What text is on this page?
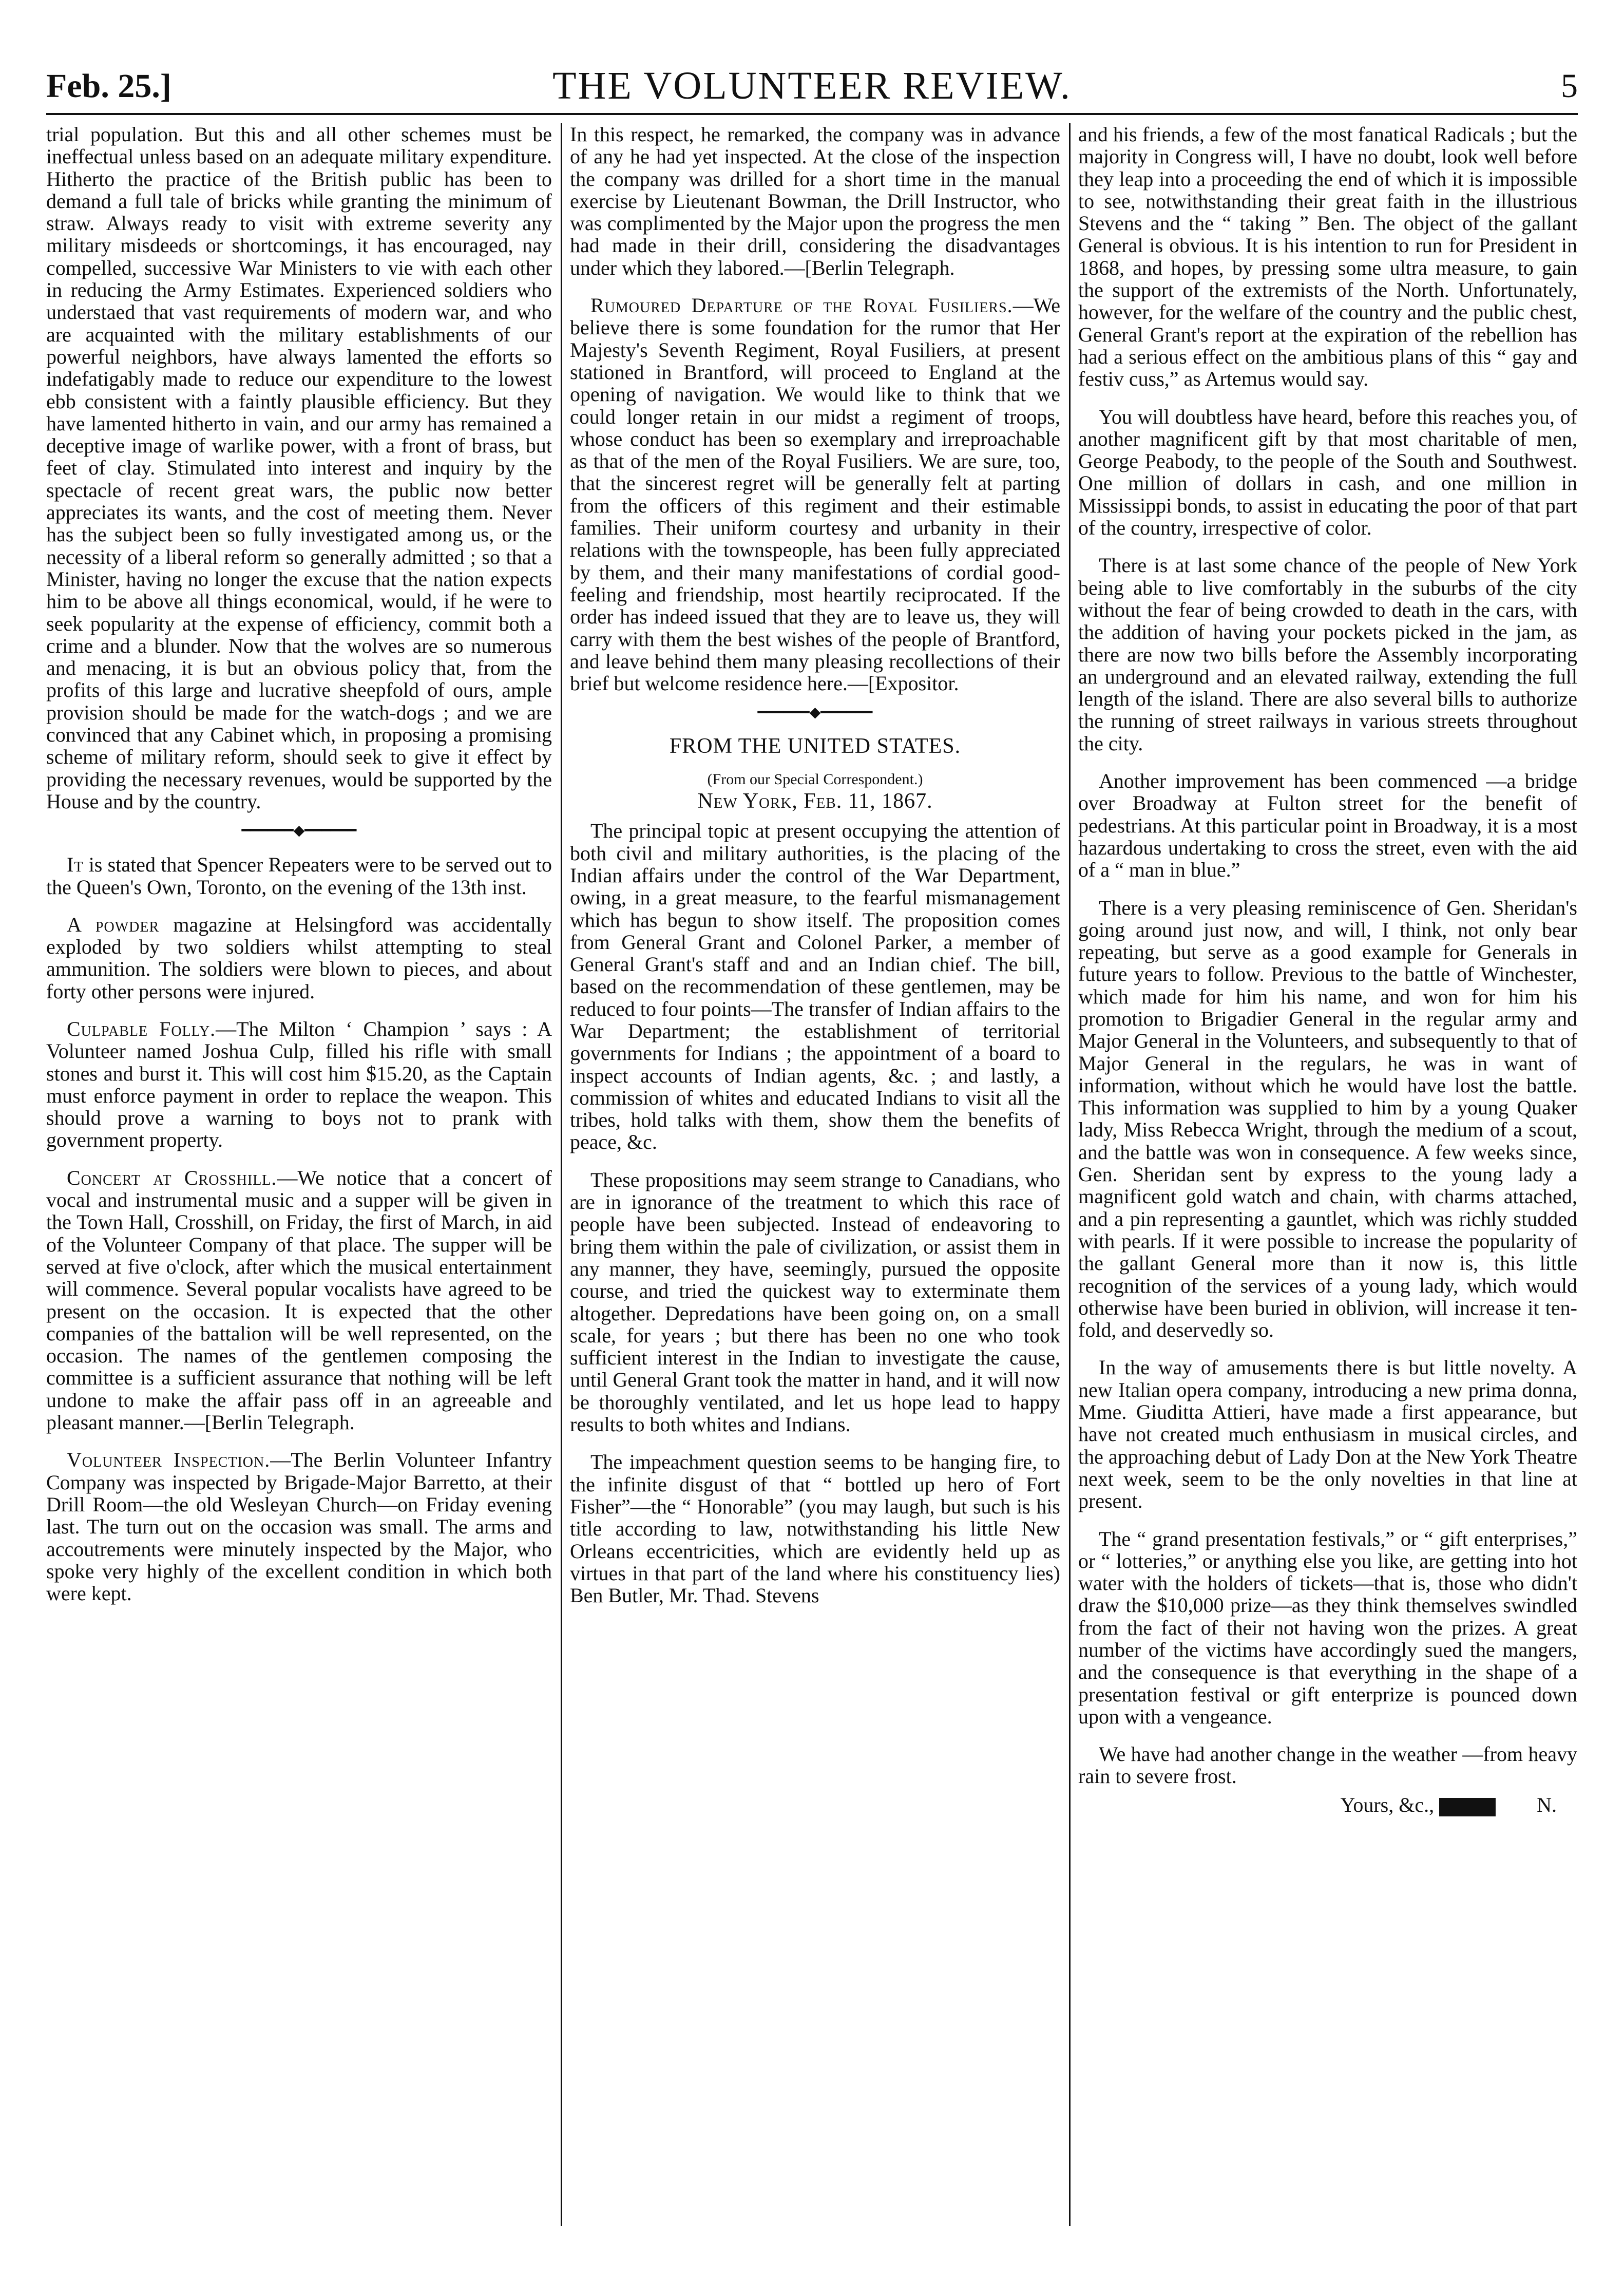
Feb. 25.]	THE VOLUNTEER REVIEW.	5

trial population. But this and all other schemes must be ineffectual unless based on an adequate military expenditure. Hitherto the practice of the British public has been to demand a full tale of bricks while granting the minimum of straw. Always ready to visit with extreme severity any military misdeeds or shortcomings, it has encouraged, nay compelled, successive War Ministers to vie with each other in reducing the Army Estimates. Experienced soldiers who understaed that vast requirements of modern war, and who are acquainted with the military establishments of our powerful neighbors, have always lamented the efforts so indefatigably made to reduce our expenditure to the lowest ebb consistent with a faintly plausible efficiency. But they have lamented hitherto in vain, and our army has remained a deceptive image of warlike power, with a front of brass, but feet of clay. Stimulated into interest and inquiry by the spectacle of recent great wars, the public now better appreciates its wants, and the cost of meeting them. Never has the subject been so fully investigated among us, or the necessity of a liberal reform so generally admitted ; so that a Minister, having no longer the excuse that the nation expects him to be above all things economical, would, if he were to seek popularity at the expense of efficiency, commit both a crime and a blunder. Now that the wolves are so numerous and menacing, it is but an obvious policy that, from the profits of this large and lucrative sheepfold of ours, ample provision should be made for the watch-dogs ; and we are convinced that any Cabinet which, in proposing a promising scheme of military reform, should seek to give it effect by providing the necessary revenues, would be supported by the House and by the country.

━━━━━━◆━━━━━━

It is stated that Spencer Repeaters were to be served out to the Queen's Own, Toronto, on the evening of the 13th inst.

A powder magazine at Helsingford was accidentally exploded by two soldiers whilst attempting to steal ammunition. The soldiers were blown to pieces, and about forty other persons were injured.

Culpable Folly.—The Milton ‘ Champion ’ says : A Volunteer named Joshua Culp, filled his rifle with small stones and burst it. This will cost him $15.20, as the Captain must enforce payment in order to replace the weapon. This should prove a warning to boys not to prank with government property.

Concert at Crosshill.—We notice that a concert of vocal and instrumental music and a supper will be given in the Town Hall, Crosshill, on Friday, the first of March, in aid of the Volunteer Company of that place. The supper will be served at five o'clock, after which the musical entertainment will commence. Several popular vocalists have agreed to be present on the occasion. It is expected that the other companies of the battalion will be well represented, on the occasion. The names of the gentlemen composing the committee is a sufficient assurance that nothing will be left undone to make the affair pass off in an agreeable and pleasant manner.—[Berlin Telegraph.

Volunteer Inspection.—The Berlin Volunteer Infantry Company was inspected by Brigade-Major Barretto, at their Drill Room—the old Wesleyan Church—on Friday evening last. The turn out on the occasion was small. The arms and accoutrements were minutely inspected by the Major, who spoke very highly of the excellent condition in which both were kept.

In this respect, he remarked, the company was in advance of any he had yet inspected. At the close of the inspection the company was drilled for a short time in the manual exercise by Lieutenant Bowman, the Drill Instructor, who was complimented by the Major upon the progress the men had made in their drill, considering the disadvantages under which they labored.—[Berlin Telegraph.

Rumoured Departure of the Royal Fusiliers.—We believe there is some foundation for the rumor that Her Majesty's Seventh Regiment, Royal Fusiliers, at present stationed in Brantford, will proceed to England at the opening of navigation. We would like to think that we could longer retain in our midst a regiment of troops, whose conduct has been so exemplary and irreproachable as that of the men of the Royal Fusiliers. We are sure, too, that the sincerest regret will be generally felt at parting from the officers of this regiment and their estimable families. Their uniform courtesy and urbanity in their relations with the townspeople, has been fully appreciated by them, and their many manifestations of cordial good-feeling and friendship, most heartily reciprocated. If the order has indeed issued that they are to leave us, they will carry with them the best wishes of the people of Brantford, and leave behind them many pleasing recollections of their brief but welcome residence here.—[Expositor.

━━━━━━◆━━━━━━
FROM THE UNITED STATES.
(From our Special Correspondent.)
New York, Feb. 11, 1867.

The principal topic at present occupying the attention of both civil and military authorities, is the placing of the Indian affairs under the control of the War Department, owing, in a great measure, to the fearful mismanagement which has begun to show itself. The proposition comes from General Grant and Colonel Parker, a member of General Grant's staff and and an Indian chief. The bill, based on the recommendation of these gentlemen, may be reduced to four points—The transfer of Indian affairs to the War Department; the establishment of territorial governments for Indians ; the appointment of a board to inspect accounts of Indian agents, &c. ; and lastly, a commission of whites and educated Indians to visit all the tribes, hold talks with them, show them the benefits of peace, &c.

These propositions may seem strange to Canadians, who are in ignorance of the treatment to which this race of people have been subjected. Instead of endeavoring to bring them within the pale of civilization, or assist them in any manner, they have, seemingly, pursued the opposite course, and tried the quickest way to exterminate them altogether. Depredations have been going on, on a small scale, for years ; but there has been no one who took sufficient interest in the Indian to investigate the cause, until General Grant took the matter in hand, and it will now be thoroughly ventilated, and let us hope lead to happy results to both whites and Indians.

The impeachment question seems to be hanging fire, to the infinite disgust of that “ bottled up hero of Fort Fisher”—the “ Honorable” (you may laugh, but such is his title according to law, notwithstanding his little New Orleans eccentricities, which are evidently held up as virtues in that part of the land where his constituency lies) Ben Butler, Mr. Thad. Stevens

and his friends, a few of the most fanatical Radicals ; but the majority in Congress will, I have no doubt, look well before they leap into a proceeding the end of which it is impossible to see, notwithstanding their great faith in the illustrious Stevens and the “ taking ” Ben. The object of the gallant General is obvious. It is his intention to run for President in 1868, and hopes, by pressing some ultra measure, to gain the support of the extremists of the North. Unfortunately, however, for the welfare of the country and the public chest, General Grant's report at the expiration of the rebellion has had a serious effect on the ambitious plans of this “ gay and festiv cuss,” as Artemus would say.

You will doubtless have heard, before this reaches you, of another magnificent gift by that most charitable of men, George Peabody, to the people of the South and Southwest. One million of dollars in cash, and one million in Mississippi bonds, to assist in educating the poor of that part of the country, irrespective of color.

There is at last some chance of the people of New York being able to live comfortably in the suburbs of the city without the fear of being crowded to death in the cars, with the addition of having your pockets picked in the jam, as there are now two bills before the Assembly incorporating an underground and an elevated railway, extending the full length of the island. There are also several bills to authorize the running of street railways in various streets throughout the city.

Another improvement has been commenced —a bridge over Broadway at Fulton street for the benefit of pedestrians. At this particular point in Broadway, it is a most hazardous undertaking to cross the street, even with the aid of a “ man in blue.”

There is a very pleasing reminiscence of Gen. Sheridan's going around just now, and will, I think, not only bear repeating, but serve as a good example for Generals in future years to follow. Previous to the battle of Winchester, which made for him his name, and won for him his promotion to Brigadier General in the regular army and Major General in the Volunteers, and subsequently to that of Major General in the regulars, he was in want of information, without which he would have lost the battle. This information was supplied to him by a young Quaker lady, Miss Rebecca Wright, through the medium of a scout, and the battle was won in consequence. A few weeks since, Gen. Sheridan sent by express to the young lady a magnificent gold watch and chain, with charms attached, and a pin representing a gauntlet, which was richly studded with pearls. If it were possible to increase the popularity of the gallant General more than it now is, this little recognition of the services of a young lady, which would otherwise have been buried in oblivion, will increase it ten-fold, and deservedly so.

In the way of amusements there is but little novelty. A new Italian opera company, introducing a new prima donna, Mme. Giuditta Attieri, have made a first appearance, but have not created much enthusiasm in musical circles, and the approaching debut of Lady Don at the New York Theatre next week, seem to be the only novelties in that line at present.

The “ grand presentation festivals,” or “ gift enterprises,” or “ lotteries,” or anything else you like, are getting into hot water with the holders of tickets—that is, those who didn't draw the $10,000 prize—as they think themselves swindled from the fact of their not having won the prizes. A great number of the victims have accordingly sued the mangers, and the consequence is that everything in the shape of a presentation festival or gift enterprize is pounced down upon with a vengeance.

We have had another change in the weather —from heavy rain to severe frost.

Yours, &c.,	N.
